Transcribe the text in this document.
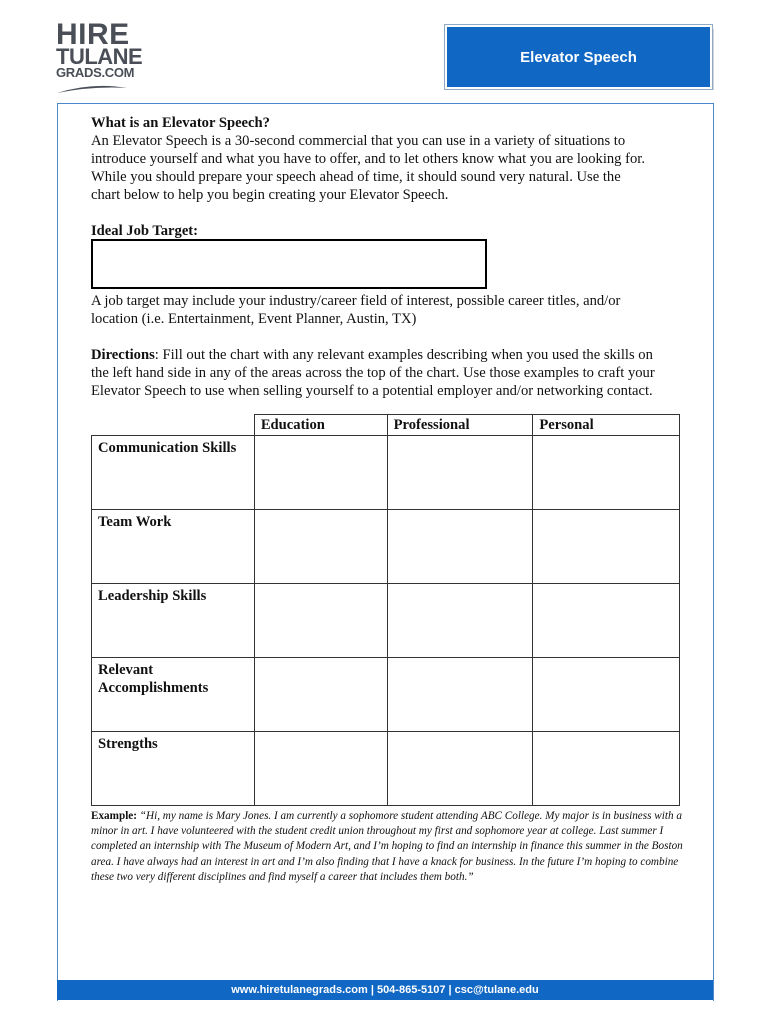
HIRE
TULANE
GRADS.COM
Elevator Speech
What is an Elevator Speech?
An Elevator Speech is a 30-second commercial that you can use in a variety of situations to
introduce yourself and what you have to offer, and to let others know what you are looking for.
While you should prepare your speech ahead of time, it should sound very natural. Use the
chart below to help you begin creating your Elevator Speech.
Ideal Job Target:
A job target may include your industry/career field of interest, possible career titles, and/or
location (i.e. Entertainment, Event Planner, Austin, TX)
Directions: Fill out the chart with any relevant examples describing when you used the skills on
the left hand side in any of the areas across the top of the chart. Use those examples to craft your
Elevator Speech to use when selling yourself to a potential employer and/or networking contact.
	Education	Professional	Personal

Communication Skills			

Team Work			

Leadership Skills			

Relevant
Accomplishments			

Strengths			

Example: “Hi, my name is Mary Jones. I am currently a sophomore student attending ABC College. My major is in business with a minor in art. I have volunteered with the student credit union throughout my first and sophomore year at college. Last summer I completed an internship with The Museum of Modern Art, and I’m hoping to find an internship in finance this summer in the Boston area. I have always had an interest in art and I’m also finding that I have a knack for business. In the future I’m hoping to combine these two very different disciplines and find myself a career that includes them both.”
www.hiretulanegrads.com | 504-865-5107 | csc@tulane.edu
